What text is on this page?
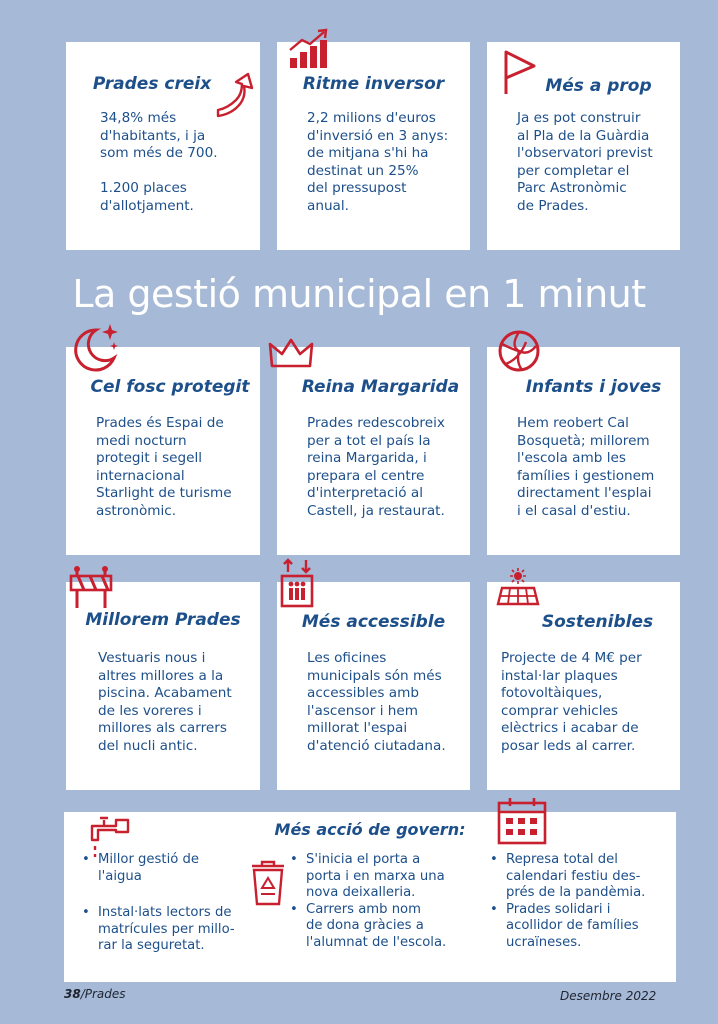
Prades creix
34,8% més
d'habitants, i ja
som més de 700.

1.200 places
d'allotjament.
Ritme inversor
2,2 milions d'euros
d'inversió en 3 anys:
de mitjana s'hi ha
destinat un 25%
del pressupost
anual.
Més a prop
Ja es pot construir
al Pla de la Guàrdia
l'observatori previst
per completar el
Parc Astronòmic
de Prades.
La gestió municipal en 1 minut
Cel fosc protegit
Prades és Espai de
medi nocturn
protegit i segell
internacional
Starlight de turisme
astronòmic.
Reina Margarida
Prades redescobreix
per a tot el país la
reina Margarida, i
prepara el centre
d'interpretació al
Castell, ja restaurat.
Infants i joves
Hem reobert Cal
Bosquetà; millorem
l'escola amb les
famílies i gestionem
directament l'esplai
i el casal d'estiu.
Millorem Prades
Vestuaris nous i
altres millores a la
piscina. Acabament
de les voreres i
millores als carrers
del nucli antic.
Més accessible
Les oficines
municipals són més
accessibles amb
l'ascensor i hem
millorat l'espai
d'atenció ciutadana.
Sostenibles
Projecte de 4 M€ per
instal·lar plaques
fotovoltàiques,
comprar vehicles
elèctrics i acabar de
posar leds al carrer.
Més acció de govern:
• Millor gestió de
l'aigua
• Instal·lats lectors de
matrícules per millo-
rar la seguretat.
• S'inicia el porta a
porta i en marxa una
nova deixalleria.
• Carrers amb nom
de dona gràcies a
l'alumnat de l'escola.
• Represa total del
calendari festiu des-
prés de la pandèmia.
• Prades solidari i
acollidor de famílies
ucraïneses.
38/Prades	Desembre 2022
